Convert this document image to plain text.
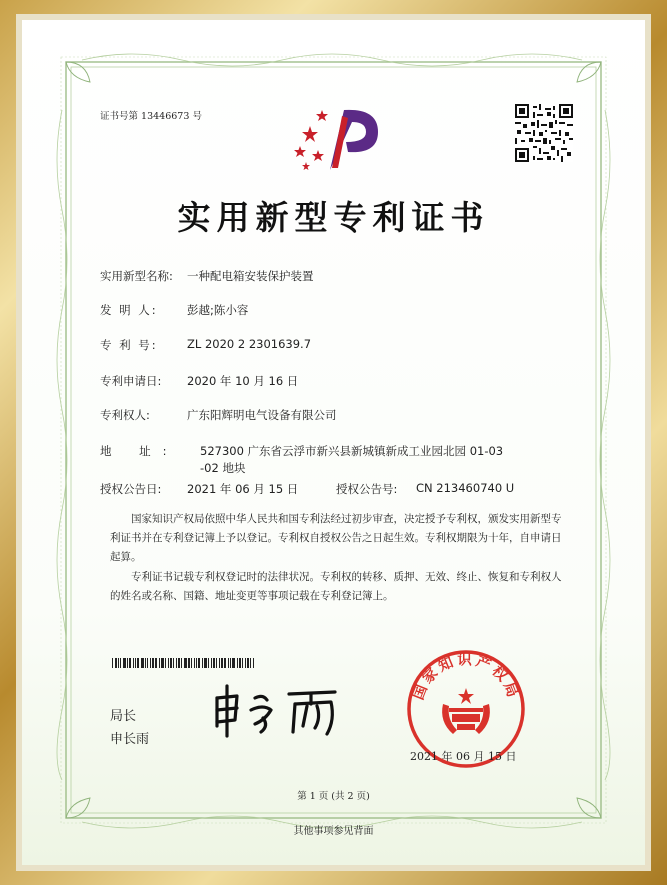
证书号第 13446673 号
实用新型专利证书
实用新型名称: 一种配电箱安装保护装置
发 明 人:	彭越;陈小容
专 利 号:	ZL 2020 2 2301639.7
专利申请日: 2020 年 10 月 16 日
专利权人:	广东阳辉明电气设备有限公司
地 址: 527300 广东省云浮市新兴县新城镇新成工业园北园 01-03
-02 地块
授权公告日: 2021 年 06 月 15 日	授权公告号: CN 213460740 U
国家知识产权局依照中华人民共和国专利法经过初步审查，决定授予专利权，颁发实用新型专利证书并在专利登记簿上予以登记。专利权自授权公告之日起生效。专利权期限为十年，自申请日起算。
专利证书记载专利权登记时的法律状况。专利权的转移、质押、无效、终止、恢复和专利权人的姓名或名称、国籍、地址变更等事项记载在专利登记簿上。
局长
申长雨
国家知识产权局
2021 年 06 月 15 日
第 1 页 (共 2 页)
其他事项参见背面
